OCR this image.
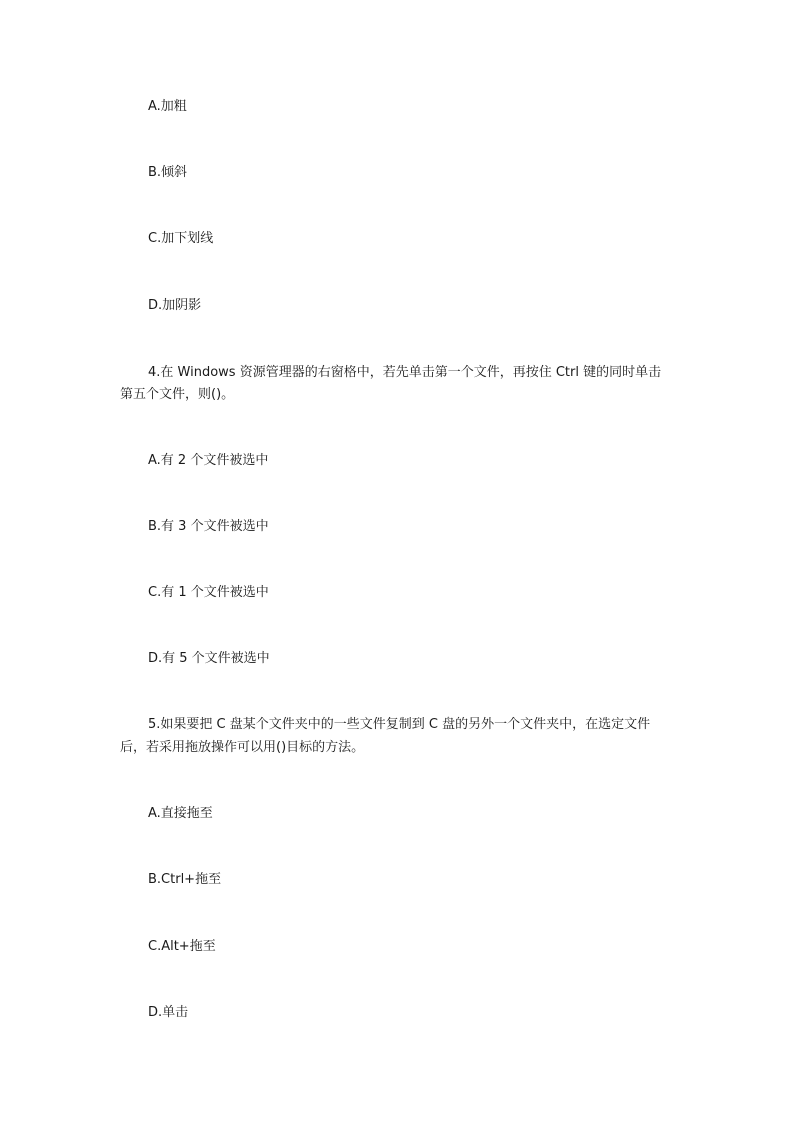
A.加粗
B.倾斜
C.加下划线
D.加阴影
4.在 Windows 资源管理器的右窗格中，若先单击第一个文件，再按住 Ctrl 键的同时单击
第五个文件，则()。
A.有 2 个文件被选中
B.有 3 个文件被选中
C.有 1 个文件被选中
D.有 5 个文件被选中
5.如果要把 C 盘某个文件夹中的一些文件复制到 C 盘的另外一个文件夹中，在选定文件
后，若采用拖放操作可以用()目标的方法。
A.直接拖至
B.Ctrl+拖至
C.Alt+拖至
D.单击
